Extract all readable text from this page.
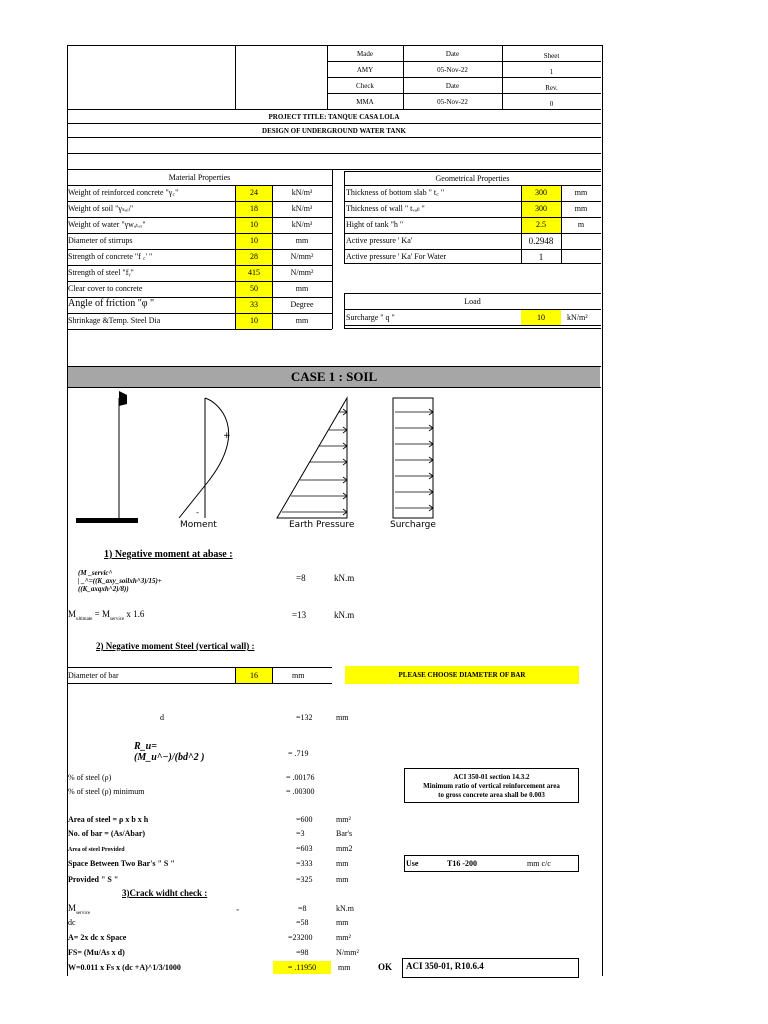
Made	Date	Sheet
AMY	05-Nov-22	1
Check	Date	Rev.
MMA	05-Nov-22	0
PROJECT TITLE: TANQUE CASA LOLA
DESIGN OF UNDERGROUND WATER TANK
Material Properties
Weight of reinforced concrete "γ꜀"	24	kN/m³
Weight of soil "γₛₒᵢₗ"	18	kN/m³
Weight of water "γwₐₜₑᵣ"	10	kN/m³
Diameter of stirrups	10	mm
Strength of concrete "f ꜀' "	28	N/mm²
Strength of steel "fᵧ"	415	N/mm²
Clear cover to concrete	50	mm
Angle of friction "φ "	33	Degree
Shrinkage &Temp. Steel Dia	10	mm
Geometrical Properties
Thickness of bottom slab " t꜀ "	300	mm
Thickness of wall " tᵥₐₗₗ "	300	mm
Hight of tank "h "	2.5	m
Active pressure ' Ka'	0.2948
Active pressure ' Ka' For Water	1
Load
Surcharge " q "	10	kN/m²
CASE 1 : SOIL
+
-
Moment	Earth Pressure	Surcharge
1) Negative moment at abase :
(M _servic^
| _^=((K_axy_soilxh^3)/15)+
((K_axqxh^2)/8))
=8	kN.m
$M_{ultimate} = M_{service}$ x 1.6	=13	kN.m
2) Negative moment Steel (vertical wall) :
Diameter of bar	16	mm	PLEASE CHOOSE DIAMETER OF BAR
d	=132	mm
R_u=
(M_u^−)/(bd^2 )	= .719
% of steel (ρ)	= .00176
% of steel (ρ) minimum	= .00300
ACI 350-01 section 14.3.2
Minimum ratio of vertical reinforcement area
to gross concrete area shall be 0.003
Area of steel = ρ x b x h	=600	mm²
No. of bar = (As/Abar)	=3	Bar's
Area of steel Provided	=603	mm2
Space Between Two Bar's " S "	=333	mm	Use	T16 -200	mm c/c
Provided " S "	=325	mm
3)Crack widht check :
$M_{service}$	=	=8	kN.m
dc	=58	mm
A= 2x dc x Space	=23200	mm²
FS= (Mu/As x d)	=98	N/mm²
W=0.011 x Fs x (dc +A)^1/3/1000	= .11950	mm	OK ACI 350-01, R10.6.4
